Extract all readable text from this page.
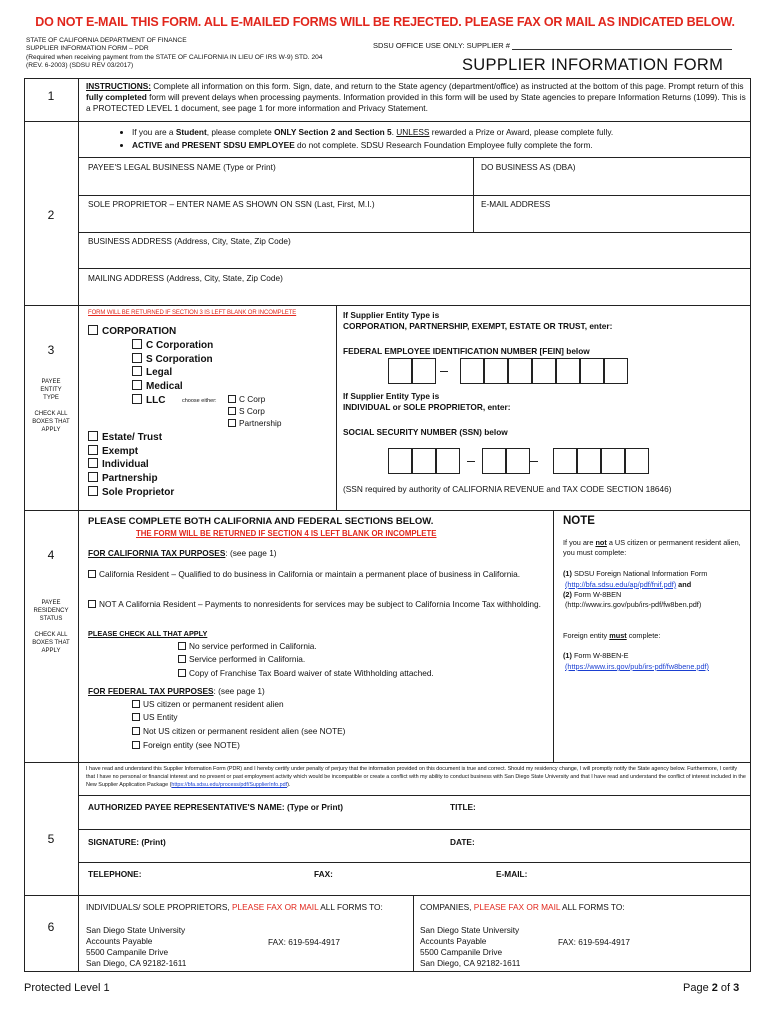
DO NOT E-MAIL THIS FORM. ALL E-MAILED FORMS WILL BE REJECTED. PLEASE FAX OR MAIL AS INDICATED BELOW.
STATE OF CALIFORNIA DEPARTMENT OF FINANCE
SUPPLIER INFORMATION FORM – PDR
(Required when receiving payment from the STATE OF CALIFORNIA IN LIEU OF IRS W-9) STD. 204
(REV. 6-2003) (SDSU REV 03/2017)
SDSU OFFICE USE ONLY: SUPPLIER #
SUPPLIER INFORMATION FORM
1
INSTRUCTIONS: Complete all information on this form. Sign, date, and return to the State agency (department/office) as instructed at the bottom of this page. Prompt return of this fully completed form will prevent delays when processing payments. Information provided in this form will be used by State agencies to prepare Information Returns (1099). This is a PROTECTED LEVEL 1 document, see page 1 for more information and Privacy Statement.
2
• If you are a Student, please complete ONLY Section 2 and Section 5. UNLESS rewarded a Prize or Award, please complete fully.
• ACTIVE and PRESENT SDSU EMPLOYEE do not complete. SDSU Research Foundation Employee fully complete the form.
PAYEE'S LEGAL BUSINESS NAME (Type or Print)	DO BUSINESS AS (DBA)
SOLE PROPRIETOR – ENTER NAME AS SHOWN ON SSN (Last, First, M.I.)	E-MAIL ADDRESS
BUSINESS ADDRESS (Address, City, State, Zip Code)
MAILING ADDRESS (Address, City, State, Zip Code)
3
PAYEE
ENTITY
TYPE
CHECK ALL
BOXES THAT
APPLY
FORM WILL BE RETURNED IF SECTION 3 IS LEFT BLANK OR INCOMPLETE
CORPORATION
C Corporation
S Corporation
Legal
Medical
LLC	choose either:	C Corp
S Corp
Partnership
Estate/ Trust
Exempt
Individual
Partnership
Sole Proprietor
If Supplier Entity Type is
CORPORATION, PARTNERSHIP, EXEMPT, ESTATE OR TRUST, enter:
FEDERAL EMPLOYEE IDENTIFICATION NUMBER [FEIN] below
If Supplier Entity Type is
INDIVIDUAL or SOLE PROPRIETOR, enter:
SOCIAL SECURITY NUMBER (SSN) below
(SSN required by authority of CALIFORNIA REVENUE and TAX CODE SECTION 18646)
4
PAYEE
RESIDENCY
STATUS
CHECK ALL
BOXES THAT
APPLY
PLEASE COMPLETE BOTH CALIFORNIA AND FEDERAL SECTIONS BELOW.
THE FORM WILL BE RETURNED IF SECTION 4 IS LEFT BLANK OR INCOMPLETE
FOR CALIFORNIA TAX PURPOSES: (see page 1)
California Resident – Qualified to do business in California or maintain a permanent place of business in California.
NOT A California Resident – Payments to nonresidents for services may be subject to California Income Tax withholding.
PLEASE CHECK ALL THAT APPLY
No service performed in California.
Service performed in California.
Copy of Franchise Tax Board waiver of state Withholding attached.
FOR FEDERAL TAX PURPOSES: (see page 1)
US citizen or permanent resident alien
US Entity
Not US citizen or permanent resident alien (see NOTE)
Foreign entity (see NOTE)
NOTE
If you are not a US citizen or permanent resident alien, you must complete:
(1) SDSU Foreign National Information Form
(http://bfa.sdsu.edu/ap/pdf/fnif.pdf) and
(2) Form W-8BEN
(http://www.irs.gov/pub/irs-pdf/fw8ben.pdf)
Foreign entity must complete:
(1) Form W-8BEN-E
(https://www.irs.gov/pub/irs-pdf/fw8bene.pdf)
5
I have read and understand this Supplier Information Form (PDR) and I hereby certify under penalty of perjury that the information provided on this document is true and correct. Should my residency change, I will promptly notify the State agency below. Furthermore, I certify that I have no personal or financial interest and no present or past employment activity which would be incompatible or create a conflict with my ability to conduct business with San Diego State University and that I have read and understand the conflict of interest included in the New Supplier Application Package (https://bfa.sdsu.edu/process/pdf/SupplierInfo.pdf).
AUTHORIZED PAYEE REPRESENTATIVE'S NAME: (Type or Print)	TITLE:
SIGNATURE: (Print)	DATE:
TELEPHONE:	FAX:	E-MAIL:
6
INDIVIDUALS/ SOLE PROPRIETORS, PLEASE FAX OR MAIL ALL FORMS TO:
San Diego State University
Accounts Payable
5500 Campanile Drive
San Diego, CA 92182-1611
FAX: 619-594-4917
COMPANIES, PLEASE FAX OR MAIL ALL FORMS TO:
San Diego State University
Accounts Payable
5500 Campanile Drive
San Diego, CA 92182-1611
FAX: 619-594-4917
Protected Level 1	Page 2 of 3
